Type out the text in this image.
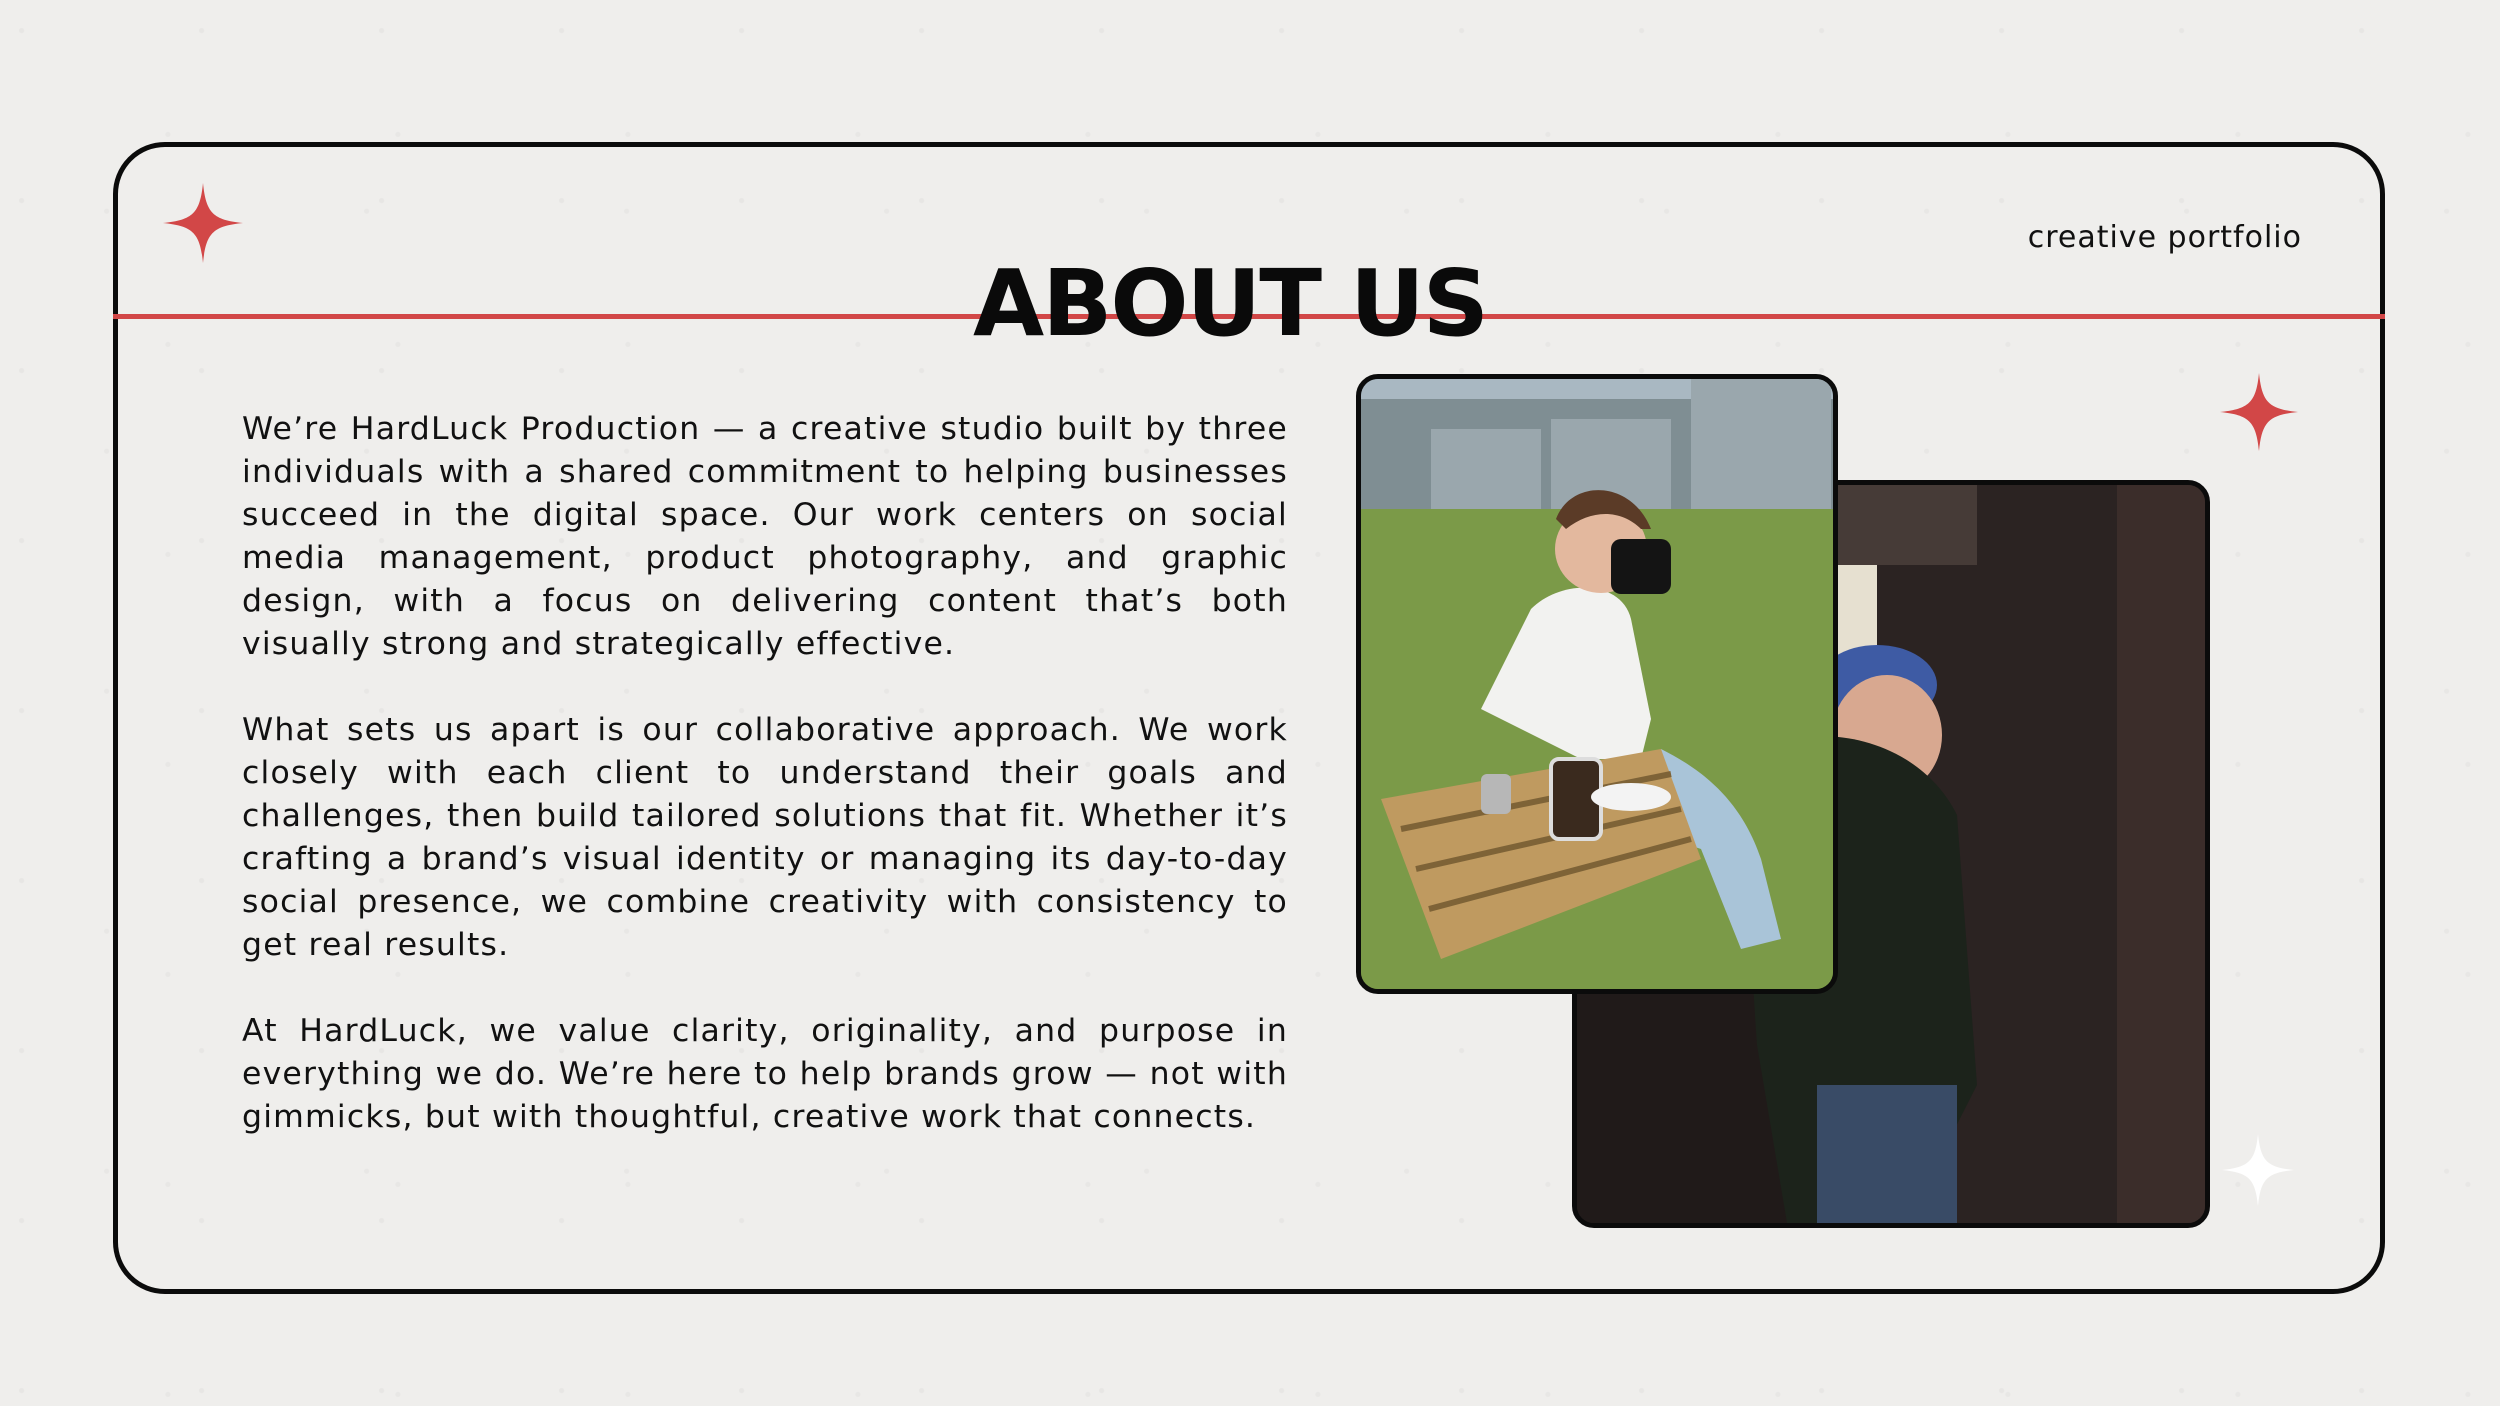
ABOUT US
creative portfolio

We’re HardLuck Production — a creative studio built by three individuals with a shared commitment to helping businesses succeed in the digital space. Our work centers on social media management, product photography, and graphic design, with a focus on delivering content that’s both visually strong and strategically effective.

What sets us apart is our collaborative approach. We work closely with each client to understand their goals and challenges, then build tailored solutions that fit. Whether it’s crafting a brand’s visual identity or managing its day-to-day social presence, we combine creativity with consistency to get real results.

At HardLuck, we value clarity, originality, and purpose in everything we do. We’re here to help brands grow — not with gimmicks, but with thoughtful, creative work that connects.
